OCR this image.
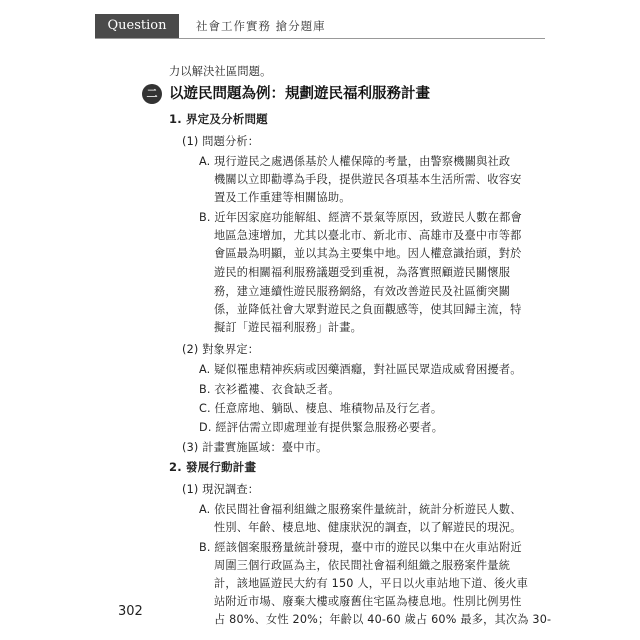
Question Box
社會工作實務 搶分題庫
力以解決社區問題。
二 以遊民問題為例：規劃遊民福利服務計畫
1. 界定及分析問題
(1) 問題分析：
A. 現行遊民之處遇係基於人權保障的考量，由警察機關與社政
機關以立即勸導為手段，提供遊民各項基本生活所需、收容安
置及工作重建等相關協助。
B. 近年因家庭功能解組、經濟不景氣等原因，致遊民人數在都會
地區急速增加，尤其以臺北市、新北市、高雄市及臺中市等都
會區最為明顯，並以其為主要集中地。因人權意識抬頭，對於
遊民的相關福利服務議題受到重視，為落實照顧遊民關懷服
務，建立連續性遊民服務網絡，有效改善遊民及社區衝突關
係，並降低社會大眾對遊民之負面觀感等，使其回歸主流，特
擬訂「遊民福利服務」計畫。
(2) 對象界定：
A. 疑似罹患精神疾病或因藥酒癮，對社區民眾造成威脅困擾者。
B. 衣衫襤褸、衣食缺乏者。
C. 任意席地、躺臥、棲息、堆積物品及行乞者。
D. 經評估需立即處理並有提供緊急服務必要者。
(3) 計畫實施區域：臺中市。
2. 發展行動計畫
(1) 現況調查：
A. 依民間社會福利組織之服務案件量統計，統計分析遊民人數、
性別、年齡、棲息地、健康狀況的調查，以了解遊民的現況。
B. 經該個案服務量統計發現，臺中市的遊民以集中在火車站附近
周圍三個行政區為主，依民間社會福利組織之服務案件量統
計，該地區遊民大約有 150 人，平日以火車站地下道、後火車
站附近市場、廢棄大樓或廢舊住宅區為棲息地。性別比例男性
占 80%、女性 20%；年齡以 40-60 歲占 60% 最多，其次為 30-
302
